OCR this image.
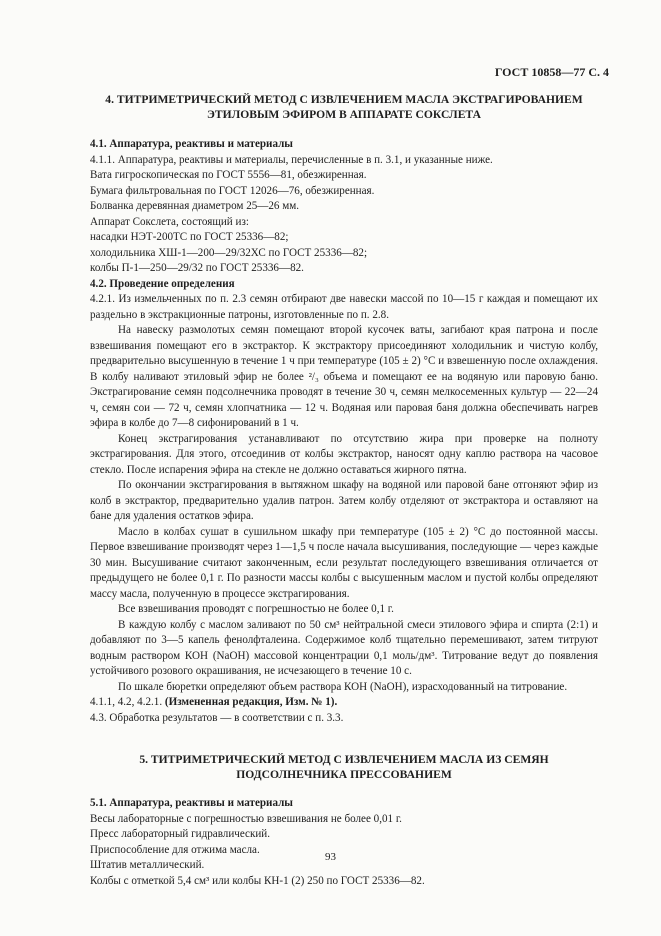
ГОСТ 10858—77 С. 4

4. ТИТРИМЕТРИЧЕСКИЙ МЕТОД С ИЗВЛЕЧЕНИЕМ МАСЛА ЭКСТРАГИРОВАНИЕМ

ЭТИЛОВЫМ ЭФИРОМ В АППАРАТЕ СОКСЛЕТА

4.1. Аппаратура, реактивы и материалы

4.1.1. Аппаратура, реактивы и материалы, перечисленные в п. 3.1, и указанные ниже.

Вата гигроскопическая по ГОСТ 5556—81, обезжиренная.

Бумага фильтровальная по ГОСТ 12026—76, обезжиренная.

Болванка деревянная диаметром 25—26 мм.

Аппарат Сокслета, состоящий из:

насадки НЭТ-200ТС по ГОСТ 25336—82;

холодильника ХШ-1—200—29/32ХС по ГОСТ 25336—82;

колбы П-1—250—29/32 по ГОСТ 25336—82.

4.2. Проведение определения

4.2.1. Из измельченных по п. 2.3 семян отбирают две навески массой по 10—15 г каждая и помещают их раздельно в экстракционные патроны, изготовленные по п. 2.8.

На навеску размолотых семян помещают второй кусочек ваты, загибают края патрона и после взвешивания помещают его в экстрактор. К экстрактору присоединяют холодильник и чистую колбу, предварительно высушенную в течение 1 ч при температуре (105 ± 2) °С и взвешенную после охлаждения. В колбу наливают этиловый эфир не более ²/₃ объема и помещают ее на водяную или паровую баню. Экстрагирование семян подсолнечника проводят в течение 30 ч, семян мелкосеменных культур — 22—24 ч, семян сои — 72 ч, семян хлопчатника — 12 ч. Водяная или паровая баня должна обеспечивать нагрев эфира в колбе до 7—8 сифонирований в 1 ч.

Конец экстрагирования устанавливают по отсутствию жира при проверке на полноту экстрагирования. Для этого, отсоединив от колбы экстрактор, наносят одну каплю раствора на часовое стекло. После испарения эфира на стекле не должно оставаться жирного пятна.

По окончании экстрагирования в вытяжном шкафу на водяной или паровой бане отгоняют эфир из колб в экстрактор, предварительно удалив патрон. Затем колбу отделяют от экстрактора и оставляют на бане для удаления остатков эфира.

Масло в колбах сушат в сушильном шкафу при температуре (105 ± 2) °С до постоянной массы. Первое взвешивание производят через 1—1,5 ч после начала высушивания, последующие — через каждые 30 мин. Высушивание считают законченным, если результат последующего взвешивания отличается от предыдущего не более 0,1 г. По разности массы колбы с высушенным маслом и пустой колбы определяют массу масла, полученную в процессе экстрагирования.

Все взвешивания проводят с погрешностью не более 0,1 г.

В каждую колбу с маслом заливают по 50 см³ нейтральной смеси этилового эфира и спирта (2:1) и добавляют по 3—5 капель фенолфталеина. Содержимое колб тщательно перемешивают, затем титруют водным раствором КОН (NaOH) массовой концентрации 0,1 моль/дм³. Титрование ведут до появления устойчивого розового окрашивания, не исчезающего в течение 10 с.

По шкале бюретки определяют объем раствора КОН (NaOH), израсходованный на титрование.

4.1.1, 4.2, 4.2.1. (Измененная редакция, Изм. № 1).

4.3. Обработка результатов — в соответствии с п. 3.3.

5. ТИТРИМЕТРИЧЕСКИЙ МЕТОД С ИЗВЛЕЧЕНИЕМ МАСЛА ИЗ СЕМЯН

ПОДСОЛНЕЧНИКА ПРЕССОВАНИЕМ

5.1. Аппаратура, реактивы и материалы

Весы лабораторные с погрешностью взвешивания не более 0,01 г.

Пресс лабораторный гидравлический.

Приспособление для отжима масла.

Штатив металлический.

Колбы с отметкой 5,4 см³ или колбы КН-1 (2) 250 по ГОСТ 25336—82.

93
